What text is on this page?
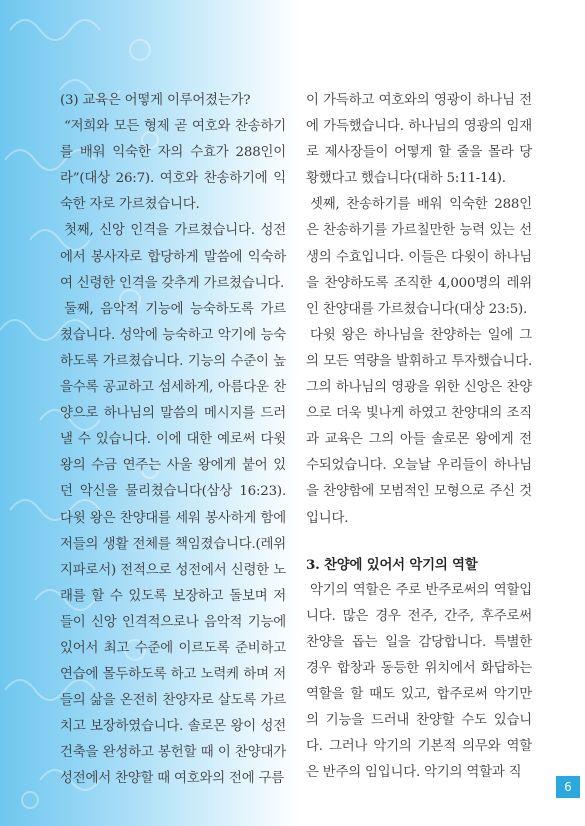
(3) 교육은 어떻게 이루어졌는가?

“저희와 모든 형제 곧 여호와 찬송하기를 배워 익숙한 자의 수효가 288인이라”(대상 26:7). 여호와 찬송하기에 익숙한 자로 가르쳤습니다.

첫째, 신앙 인격을 가르쳤습니다. 성전에서 봉사자로 합당하게 말씀에 익숙하여 신령한 인격을 갖추게 가르쳤습니다.

둘째, 음악적 기능에 능숙하도록 가르쳤습니다. 성악에 능숙하고 악기에 능숙하도록 가르쳤습니다. 기능의 수준이 높을수록 공교하고 섬세하게, 아름다운 찬양으로 하나님의 말씀의 메시지를 드러낼 수 있습니다. 이에 대한 예로써 다윗왕의 수금 연주는 사울 왕에게 붙어 있던 악신을 물리쳤습니다(삼상 16:23). 다윗 왕은 찬양대를 세워 봉사하게 함에 저들의 생활 전체를 책임졌습니다.(레위지파로서) 전적으로 성전에서 신령한 노래를 할 수 있도록 보장하고 돌보며 저들이 신앙 인격적으로나 음악적 기능에 있어서 최고 수준에 이르도록 준비하고 연습에 몰두하도록 하고 노력케 하며 저들의 삶을 온전히 찬양자로 살도록 가르치고 보장하였습니다. 솔로몬 왕이 성전건축을 완성하고 봉헌할 때 이 찬양대가 성전에서 찬양할 때 여호와의 전에 구름

이 가득하고 여호와의 영광이 하나님 전에 가득했습니다. 하나님의 영광의 임재로 제사장들이 어떻게 할 줄을 몰라 당황했다고 했습니다(대하 5:11-14).

셋째, 찬송하기를 배워 익숙한 288인은 찬송하기를 가르칠만한 능력 있는 선생의 수효입니다. 이들은 다윗이 하나님을 찬양하도록 조직한 4,000명의 레위인 찬양대를 가르쳤습니다(대상 23:5).

다윗 왕은 하나님을 찬양하는 일에 그의 모든 역량을 발휘하고 투자했습니다. 그의 하나님의 영광을 위한 신앙은 찬양으로 더욱 빛나게 하였고 찬양대의 조직과 교육은 그의 아들 솔로몬 왕에게 전수되었습니다. 오늘날 우리들이 하나님을 찬양함에 모범적인 모형으로 주신 것입니다.

3. 찬양에 있어서 악기의 역할

악기의 역할은 주로 반주로써의 역할입니다. 많은 경우 전주, 간주, 후주로써 찬양을 돕는 일을 감당합니다. 특별한 경우 합창과 동등한 위치에서 화답하는 역할을 할 때도 있고, 합주로써 악기만의 기능을 드러내 찬양할 수도 있습니다. 그러나 악기의 기본적 의무와 역할은 반주의 임입니다. 악기의 역할과 직

6
